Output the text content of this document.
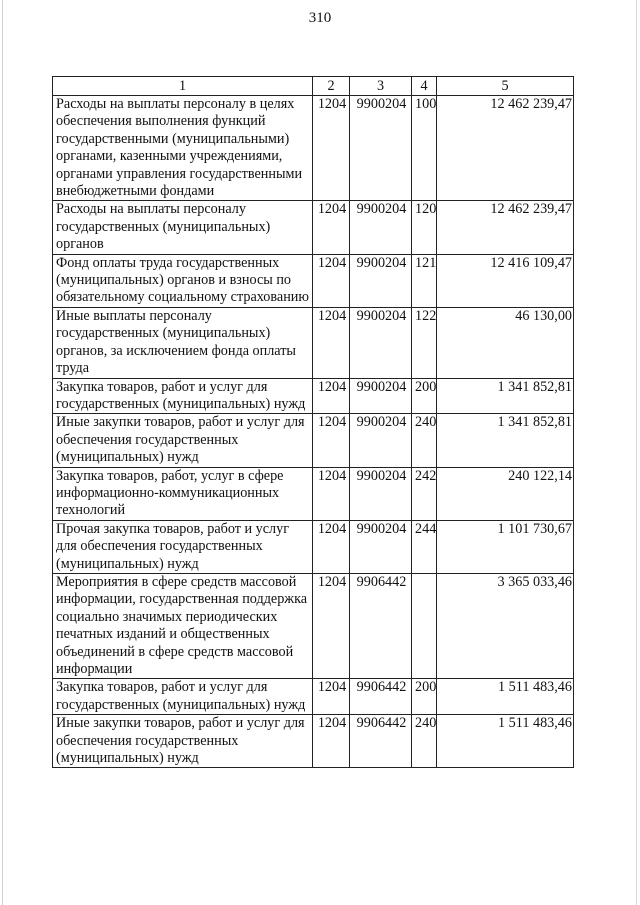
310
1	2	3	4	5
Расходы на выплаты персоналу в целях обеспечения выполнения функций государственными (муниципальными) органами, казенными учреждениями, органами управления государственными внебюджетными фондами	1204	9900204	100	12 462 239,47
Расходы на выплаты персоналу государственных (муниципальных) органов	1204	9900204	120	12 462 239,47
Фонд оплаты труда государственных (муниципальных) органов и взносы по обязательному социальному страхованию	1204	9900204	121	12 416 109,47
Иные выплаты персоналу государственных (муниципальных) органов, за исключением фонда оплаты труда	1204	9900204	122	46 130,00
Закупка товаров, работ и услуг для государственных (муниципальных) нужд	1204	9900204	200	1 341 852,81
Иные закупки товаров, работ и услуг для обеспечения государственных (муниципальных) нужд	1204	9900204	240	1 341 852,81
Закупка товаров, работ, услуг в сфере информационно-коммуникационных технологий	1204	9900204	242	240 122,14
Прочая закупка товаров, работ и услуг для обеспечения государственных (муниципальных) нужд	1204	9900204	244	1 101 730,67
Мероприятия в сфере средств массовой информации, государственная поддержка социально значимых периодических печатных изданий и общественных объединений в сфере средств массовой информации	1204	9906442		3 365 033,46
Закупка товаров, работ и услуг для государственных (муниципальных) нужд	1204	9906442	200	1 511 483,46
Иные закупки товаров, работ и услуг для обеспечения государственных (муниципальных) нужд	1204	9906442	240	1 511 483,46
